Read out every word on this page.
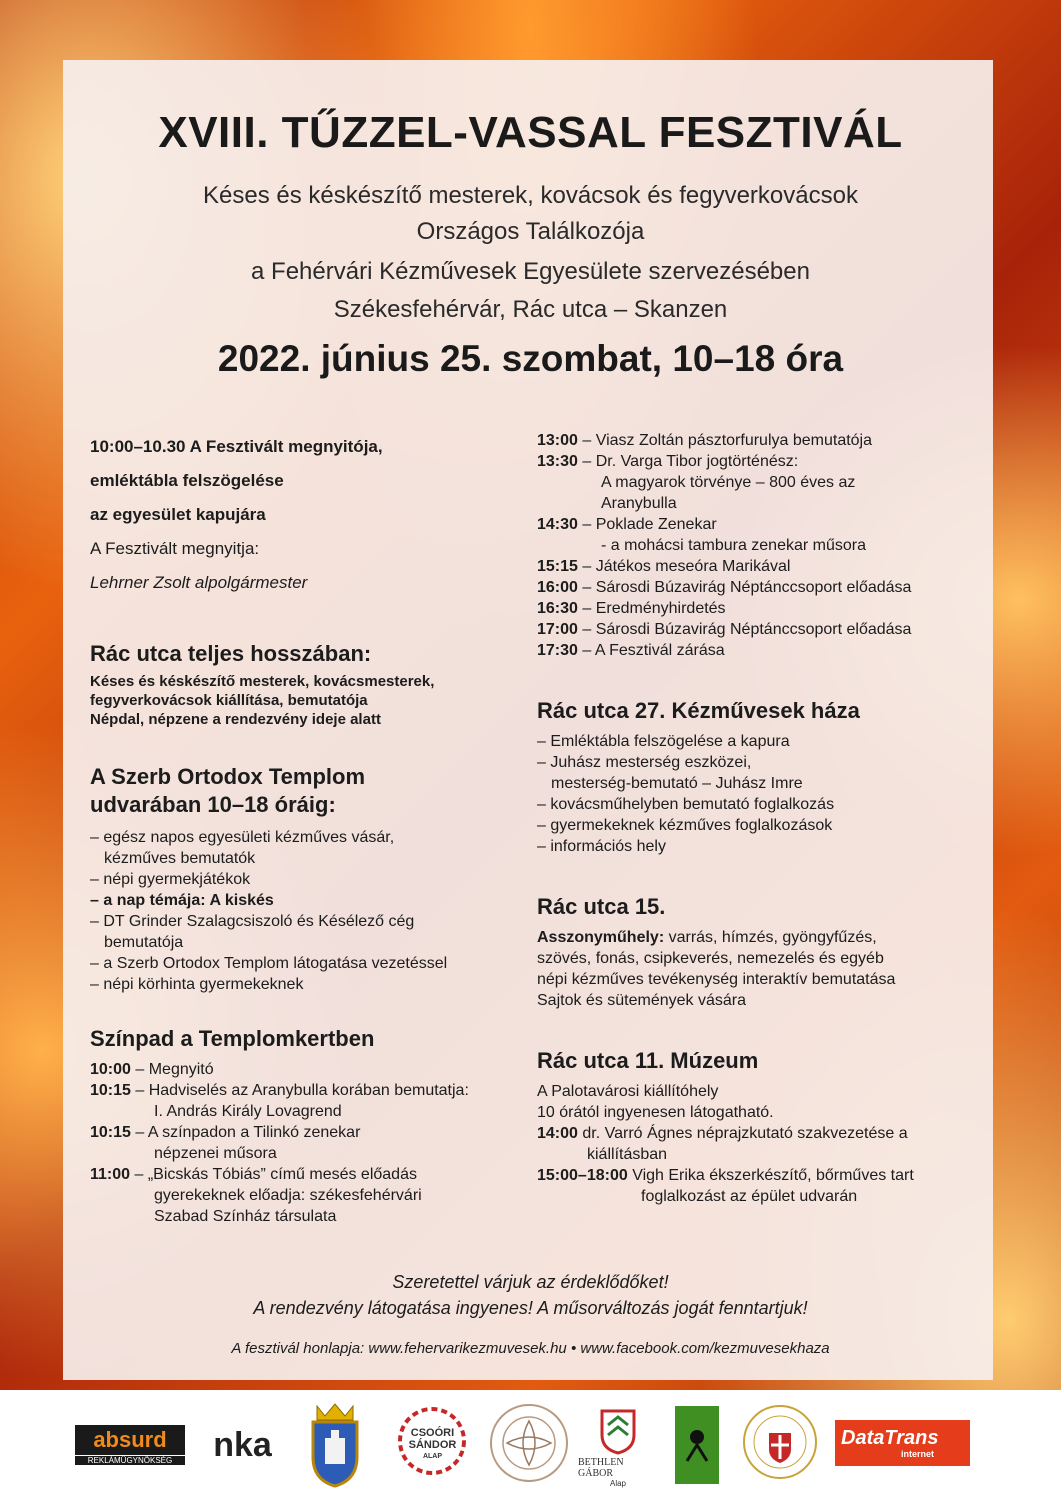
XVIII. TŰZZEL-VASSAL FESZTIVÁL
Késes és késkészítő mesterek, kovácsok és fegyverkovácsok
Országos Találkozója
a Fehérvári Kézművesek Egyesülete szervezésében
Székesfehérvár, Rác utca – Skanzen
2022. június 25. szombat, 10–18 óra
10:00–10.30 A Fesztivált megnyitója,
emléktábla felszögelése
az egyesület kapujára
A Fesztivált megnyitja:
Lehrner Zsolt alpolgármester
Rác utca teljes hosszában:
Késes és késkészítő mesterek, kovácsmesterek,
fegyverkovácsok kiállítása, bemutatója
Népdal, népzene a rendezvény ideje alatt
A Szerb Ortodox Templom
udvarában 10–18 óráig:
– egész napos egyesületi kézműves vásár,
kézműves bemutatók
– népi gyermekjátékok
– a nap témája: A kiskés
– DT Grinder Szalagcsiszoló és Késélező cég
bemutatója
– a Szerb Ortodox Templom látogatása vezetéssel
– népi körhinta gyermekeknek
Színpad a Templomkertben
10:00 – Megnyitó
10:15 – Hadviselés az Aranybulla korában bemutatja:
I. András Király Lovagrend
10:15 – A színpadon a Tilinkó zenekar
népzenei műsora
11:00 – „Bicskás Tóbiás” című mesés előadás
gyerekeknek előadja: székesfehérvári
Szabad Színház társulata
13:00 – Viasz Zoltán pásztorfurulya bemutatója
13:30 – Dr. Varga Tibor jogtörténész:
A magyarok törvénye – 800 éves az
Aranybulla
14:30 – Poklade Zenekar
- a mohácsi tambura zenekar műsora
15:15 – Játékos meseóra Marikával
16:00 – Sárosdi Búzavirág Néptánccsoport előadása
16:30 – Eredményhirdetés
17:00 – Sárosdi Búzavirág Néptánccsoport előadása
17:30 – A Fesztivál zárása
Rác utca 27. Kézművesek háza
– Emléktábla felszögelése a kapura
– Juhász mesterség eszközei,
mesterség-bemutató – Juhász Imre
– kovácsműhelyben bemutató foglalkozás
– gyermekeknek kézműves foglalkozások
– információs hely
Rác utca 15.
Asszonyműhely: varrás, hímzés, gyöngyfűzés,
szövés, fonás, csipkeverés, nemezelés és egyéb
népi kézműves tevékenység interaktív bemutatása
Sajtok és sütemények vására
Rác utca 11. Múzeum
A Palotavárosi kiállítóhely
10 órától ingyenesen látogatható.
14:00 dr. Varró Ágnes néprajzkutató szakvezetése a
kiállításban
15:00–18:00 Vigh Erika ékszerkészítő, bőrműves tart
foglalkozást az épület udvarán
Szeretettel várjuk az érdeklődőket!
A rendezvény látogatása ingyenes! A műsorváltozás jogát fenntartjuk!
A fesztivál honlapja: www.fehervarikezmuvesek.hu • www.facebook.com/kezmuvesekhaza
absurd
REKLÁMÜGYNÖKSÉG	nka	CSOÓRI
SÁNDOR
ALAP	BETHLEN GÁBOR
Alap
DataTrans
internet
